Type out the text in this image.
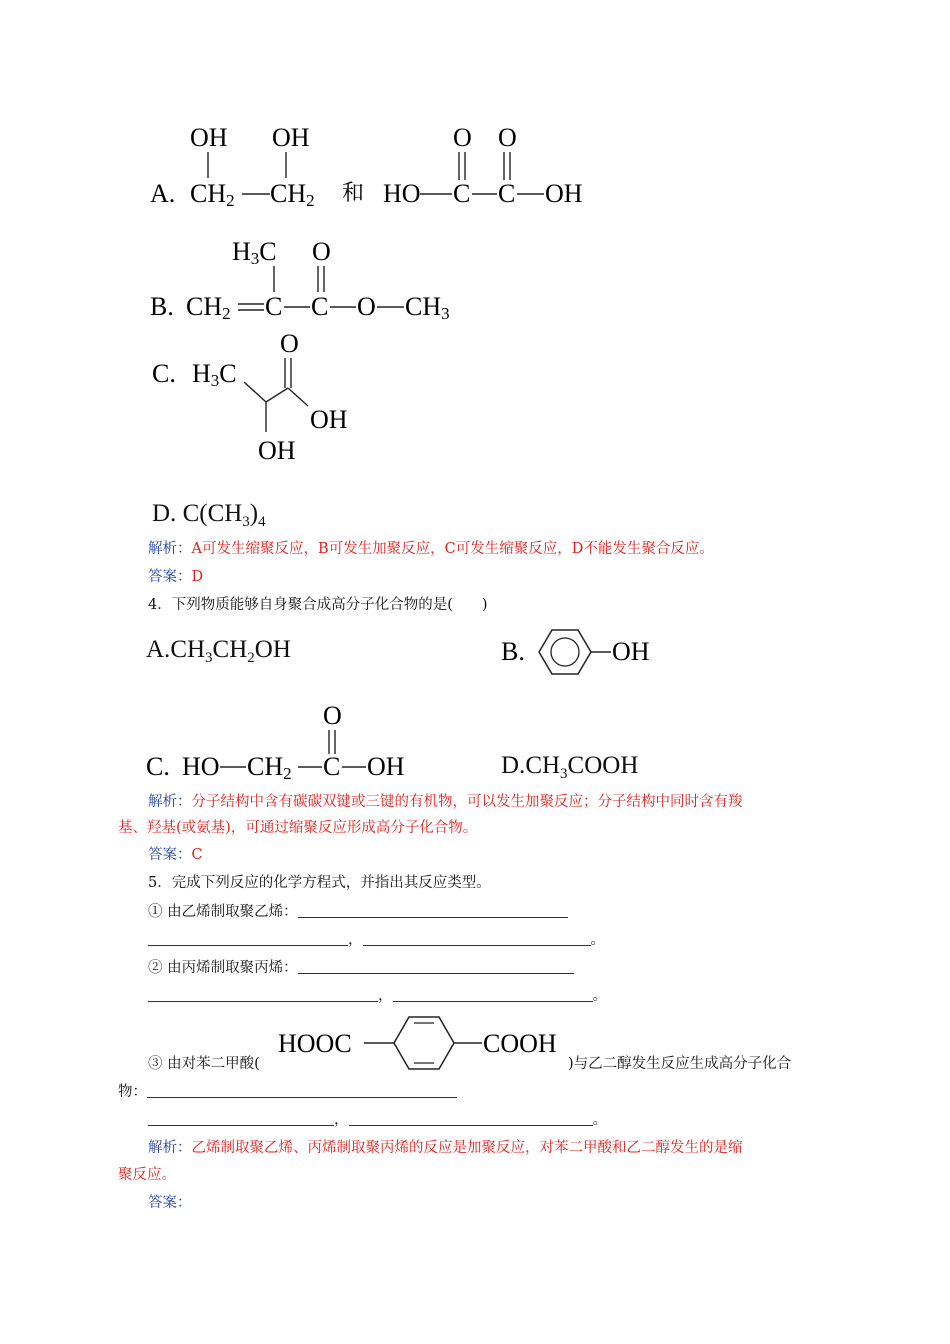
A.
OH OH
CH2 CH2 和
O O
HO C C OH
B.
H3C O
CH2 C C O CH3
C. H3C
O
OH
OH
D. $C(CH_3)_4$
解析：A可发生缩聚反应，B可发生加聚反应，C可发生缩聚反应，D不能发生聚合反应。
答案：D
4．下列物质能够自身聚合成高分子化合物的是(　　)
$A.CH_3CH_2OH$	B.	OH
C. HO CH2 C
O
OH	$D.CH_3COOH$
解析：分子结构中含有碳碳双键或三键的有机物，可以发生加聚反应；分子结构中同时含有羧
基、羟基(或氨基)，可通过缩聚反应形成高分子化合物。
答案：C
5．完成下列反应的化学方程式，并指出其反应类型。
① 由乙烯制取聚乙烯：
，	。
② 由丙烯制取聚丙烯：
，	。
③ 由对苯二甲酸(
HOOC	COOH
)与乙二醇发生反应生成高分子化合
物：
，	。
解析：乙烯制取聚乙烯、丙烯制取聚丙烯的反应是加聚反应，对苯二甲酸和乙二醇发生的是缩
聚反应。
答案：
